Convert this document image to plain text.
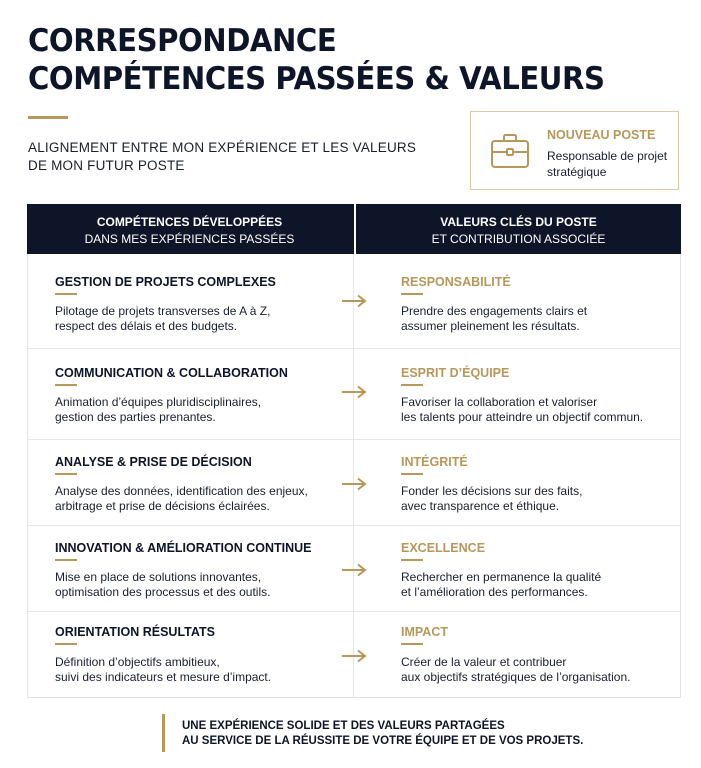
CORRESPONDANCE
COMPÉTENCES PASSÉES & VALEURS
ALIGNEMENT ENTRE MON EXPÉRIENCE ET LES VALEURS
DE MON FUTUR POSTE
NOUVEAU POSTE
Responsable de projet stratégique
COMPÉTENCES DÉVELOPPÉES
DANS MES EXPÉRIENCES PASSÉES
VALEURS CLÉS DU POSTE
ET CONTRIBUTION ASSOCIÉE
GESTION DE PROJETS COMPLEXES
Pilotage de projets transverses de A à Z,
respect des délais et des budgets.
RESPONSABILITÉ
Prendre des engagements clairs et
assumer pleinement les résultats.
COMMUNICATION & COLLABORATION
Animation d’équipes pluridisciplinaires,
gestion des parties prenantes.
ESPRIT D’ÉQUIPE
Favoriser la collaboration et valoriser
les talents pour atteindre un objectif commun.
ANALYSE & PRISE DE DÉCISION
Analyse des données, identification des enjeux,
arbitrage et prise de décisions éclairées.
INTÉGRITÉ
Fonder les décisions sur des faits,
avec transparence et éthique.
INNOVATION & AMÉLIORATION CONTINUE
Mise en place de solutions innovantes,
optimisation des processus et des outils.
EXCELLENCE
Rechercher en permanence la qualité
et l’amélioration des performances.
ORIENTATION RÉSULTATS
Définition d’objectifs ambitieux,
suivi des indicateurs et mesure d’impact.
IMPACT
Créer de la valeur et contribuer
aux objectifs stratégiques de l’organisation.
UNE EXPÉRIENCE SOLIDE ET DES VALEURS PARTAGÉES
AU SERVICE DE LA RÉUSSITE DE VOTRE ÉQUIPE ET DE VOS PROJETS.
